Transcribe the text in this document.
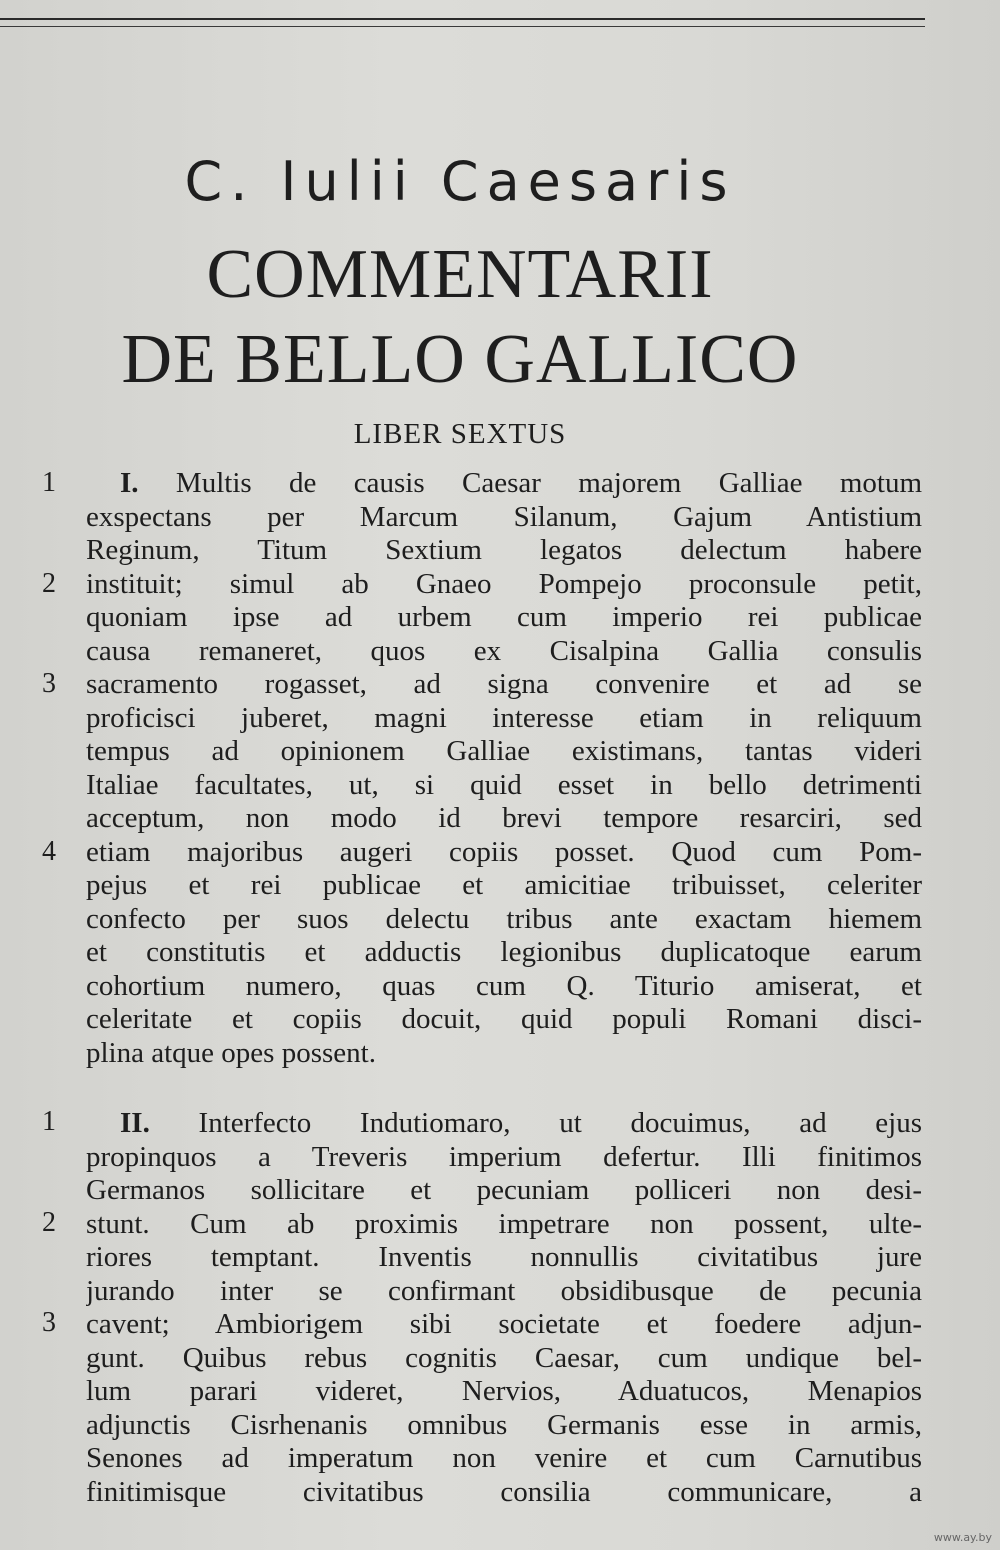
C. Iulii Caesaris
COMMENTARII
DE BELLO GALLICO
LIBER SEXTUS
1
2
3
4
I. Multis de causis Caesar majorem Galliae motum
exspectans per Marcum Silanum, Gajum Antistium
Reginum, Titum Sextium legatos delectum habere
instituit; simul ab Gnaeo Pompejo proconsule petit,
quoniam ipse ad urbem cum imperio rei publicae
causa remaneret, quos ex Cisalpina Gallia consulis
sacramento rogasset, ad signa convenire et ad se
proficisci juberet, magni interesse etiam in reliquum
tempus ad opinionem Galliae existimans, tantas videri
Italiae facultates, ut, si quid esset in bello detrimenti
acceptum, non modo id brevi tempore resarciri, sed
etiam majoribus augeri copiis posset. Quod cum Pom-
pejus et rei publicae et amicitiae tribuisset, celeriter
confecto per suos delectu tribus ante exactam hiemem
et constitutis et adductis legionibus duplicatoque earum
cohortium numero, quas cum Q. Titurio amiserat, et
celeritate et copiis docuit, quid populi Romani disci-
plina atque opes possent.
1
2
3
II. Interfecto Indutiomaro, ut docuimus, ad ejus
propinquos a Treveris imperium defertur. Illi finitimos
Germanos sollicitare et pecuniam polliceri non desi-
stunt. Cum ab proximis impetrare non possent, ulte-
riores temptant. Inventis nonnullis civitatibus jure
jurando inter se confirmant obsidibusque de pecunia
cavent; Ambiorigem sibi societate et foedere adjun-
gunt. Quibus rebus cognitis Caesar, cum undique bel-
lum parari videret, Nervios, Aduatucos, Menapios
adjunctis Cisrhenanis omnibus Germanis esse in armis,
Senones ad imperatum non venire et cum Carnutibus
finitimisque civitatibus consilia communicare, a
www.ay.by
